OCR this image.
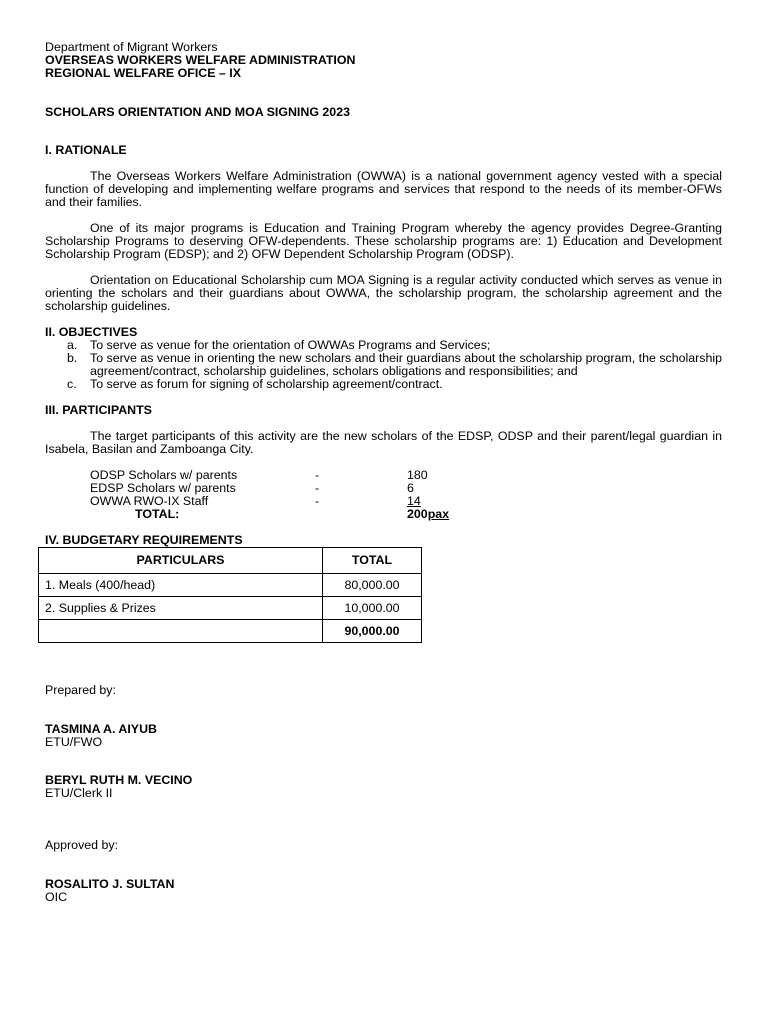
Department of Migrant Workers
OVERSEAS WORKERS WELFARE ADMINISTRATION
REGIONAL WELFARE OFICE – IX
SCHOLARS ORIENTATION AND MOA SIGNING 2023
I. RATIONALE
The Overseas Workers Welfare Administration (OWWA) is a national government agency vested with a special function of developing and implementing welfare programs and services that respond to the needs of its member-OFWs and their families.
One of its major programs is Education and Training Program whereby the agency provides Degree-Granting Scholarship Programs to deserving OFW-dependents. These scholarship programs are: 1) Education and Development Scholarship Program (EDSP); and 2) OFW Dependent Scholarship Program (ODSP).
Orientation on Educational Scholarship cum MOA Signing is a regular activity conducted which serves as venue in orienting the scholars and their guardians about OWWA, the scholarship program, the scholarship agreement and the scholarship guidelines.
II. OBJECTIVES
a. To serve as venue for the orientation of OWWAs Programs and Services;
b. To serve as venue in orienting the new scholars and their guardians about the scholarship program, the scholarship agreement/contract, scholarship guidelines, scholars obligations and responsibilities; and
c. To serve as forum for signing of scholarship agreement/contract.
III. PARTICIPANTS
The target participants of this activity are the new scholars of the EDSP, ODSP and their parent/legal guardian in Isabela, Basilan and Zamboanga City.
ODSP Scholars w/ parents	-	180
EDSP Scholars w/ parents	-	6
OWWA RWO-IX Staff	-	14
TOTAL:	200pax
IV. BUDGETARY REQUIREMENTS
PARTICULARS	TOTAL
1. Meals (400/head)	80,000.00
2. Supplies & Prizes	10,000.00
	90,000.00
Prepared by:
TASMINA A. AIYUB
ETU/FWO
BERYL RUTH M. VECINO
ETU/Clerk II
Approved by:
ROSALITO J. SULTAN
OIC
